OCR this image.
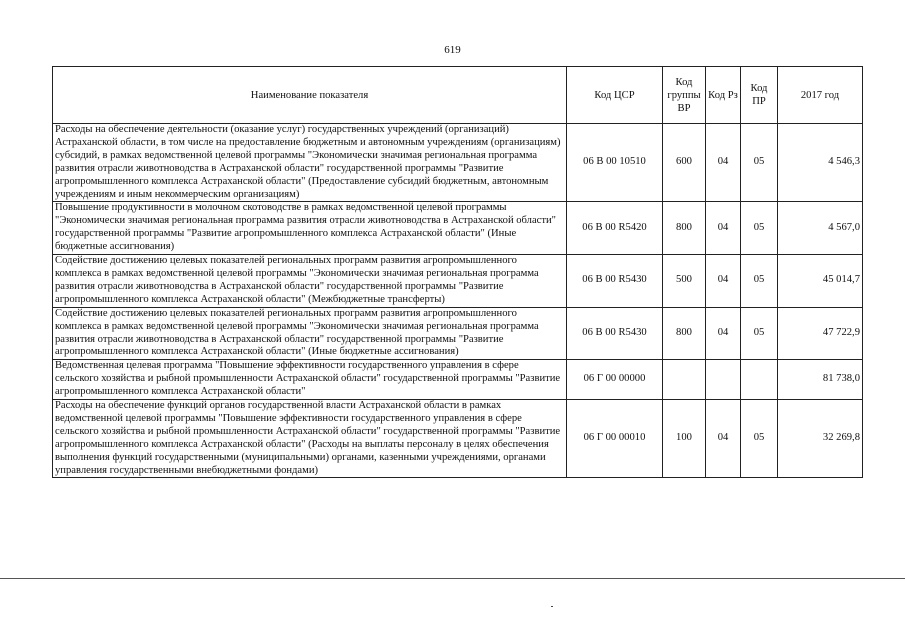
619
Наименование показателя	Код ЦСР	Код группы ВР	Код Рз	Код ПР	2017 год
Расходы на обеспечение деятельности (оказание услуг) государственных учреждений (организаций) Астраханской области, в том числе на предоставление бюджетным и автономным учреждениям (организациям) субсидий, в рамках ведомственной целевой программы "Экономически значимая региональная программа развития отрасли животноводства в Астраханской области" государственной программы "Развитие агропромышленного комплекса Астраханской области" (Предоставление субсидий бюджетным, автономным учреждениям и иным некоммерческим организациям)	06 В 00 10510	600	04	05	4 546,3
Повышение продуктивности в молочном скотоводстве в рамках ведомственной целевой программы "Экономически значимая региональная программа развития отрасли животноводства в Астраханской области" государственной программы "Развитие агропромышленного комплекса Астраханской области" (Иные бюджетные ассигнования)	06 В 00 R5420	800	04	05	4 567,0
Содействие достижению целевых показателей региональных программ развития агропромышленного комплекса в рамках ведомственной целевой программы "Экономически значимая региональная программа развития отрасли животноводства в Астраханской области" государственной программы "Развитие агропромышленного комплекса Астраханской области" (Межбюджетные трансферты)	06 В 00 R5430	500	04	05	45 014,7
Содействие достижению целевых показателей региональных программ развития агропромышленного комплекса в рамках ведомственной целевой программы "Экономически значимая региональная программа развития отрасли животноводства в Астраханской области" государственной программы "Развитие агропромышленного комплекса Астраханской области" (Иные бюджетные ассигнования)	06 В 00 R5430	800	04	05	47 722,9
Ведомственная целевая программа "Повышение эффективности государственного управления в сфере сельского хозяйства и рыбной промышленности Астраханской области" государственной программы "Развитие агропромышленного комплекса Астраханской области"	06 Г 00 00000				81 738,0
Расходы на обеспечение функций органов государственной власти Астраханской области в рамках ведомственной целевой программы "Повышение эффективности государственного управления в сфере сельского хозяйства и рыбной промышленности Астраханской области" государственной программы "Развитие агропромышленного комплекса Астраханской области" (Расходы на выплаты персоналу в целях обеспечения выполнения функций государственными (муниципальными) органами, казенными учреждениями, органами управления государственными внебюджетными фондами)	06 Г 00 00010	100	04	05	32 269,8
